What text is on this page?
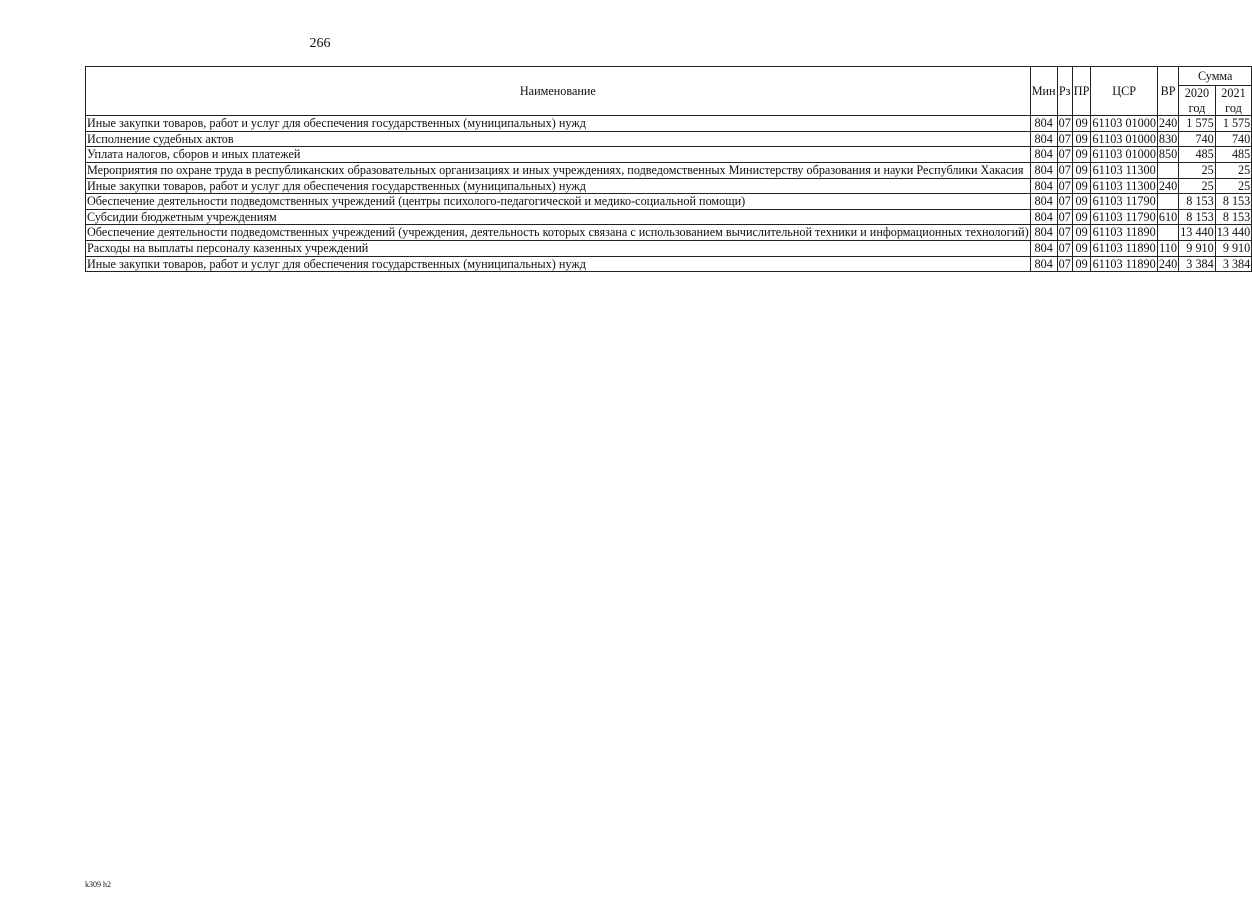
266
Наименование	Мин	Рз	ПР	ЦСР	ВР	Сумма	
						2020 год	2021 год
Иные закупки товаров, работ и услуг для обеспечения государственных (муниципальных) нужд	804	07	09	61103 01000	240	1 575	1 575
Исполнение судебных актов	804	07	09	61103 01000	830	740	740
Уплата налогов, сборов и иных платежей	804	07	09	61103 01000	850	485	485
Мероприятия по охране труда в республиканских образовательных организациях и иных учреждениях, подведомственных Министерству образования и науки Республики Хакасия	804	07	09	61103 11300		25	25
Иные закупки товаров, работ и услуг для обеспечения государственных (муниципальных) нужд	804	07	09	61103 11300	240	25	25
Обеспечение деятельности подведомственных учреждений (центры психолого-педагогической и медико-социальной помощи)	804	07	09	61103 11790		8 153	8 153
Субсидии бюджетным учреждениям	804	07	09	61103 11790	610	8 153	8 153
Обеспечение деятельности подведомственных учреждений (учреждения, деятельность которых связана с использованием вычислительной техники и информационных технологий)	804	07	09	61103 11890		13 440	13 440
Расходы на выплаты персоналу казенных учреждений	804	07	09	61103 11890	110	9 910	9 910
Иные закупки товаров, работ и услуг для обеспечения государственных (муниципальных) нужд	804	07	09	61103 11890	240	3 384	3 384
k309 h2
